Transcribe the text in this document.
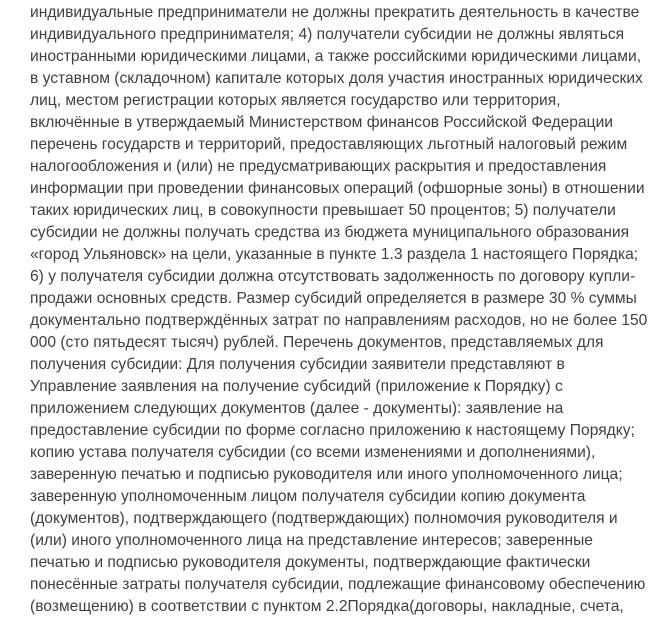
индивидуальные предприниматели не должны прекратить деятельность в качестве
индивидуального предпринимателя; 4) получатели субсидии не должны являться
иностранными юридическими лицами, а также российскими юридическими лицами,
в уставном (складочном) капитале которых доля участия иностранных юридических
лиц, местом регистрации которых является государство или территория,
включённые в утверждаемый Министерством финансов Российской Федерации
перечень государств и территорий, предоставляющих льготный налоговый режим
налогообложения и (или) не предусматривающих раскрытия и предоставления
информации при проведении финансовых операций (офшорные зоны) в отношении
таких юридических лиц, в совокупности превышает 50 процентов; 5) получатели
субсидии не должны получать средства из бюджета муниципального образования
«город Ульяновск» на цели, указанные в пункте 1.3 раздела 1 настоящего Порядка;
6) у получателя субсидии должна отсутствовать задолженность по договору купли-
продажи основных средств. Размер субсидий определяется в размере 30 % суммы
документально подтверждённых затрат по направлениям расходов, но не более 150
000 (сто пятьдесят тысяч) рублей. Перечень документов, представляемых для
получения субсидии: Для получения субсидии заявители представляют в
Управление заявления на получение субсидий (приложение к Порядку) с
приложением следующих документов (далее - документы): заявление на
предоставление субсидии по форме согласно приложению к настоящему Порядку;
копию устава получателя субсидии (со всеми изменениями и дополнениями),
заверенную печатью и подписью руководителя или иного уполномоченного лица;
заверенную уполномоченным лицом получателя субсидии копию документа
(документов), подтверждающего (подтверждающих) полномочия руководителя и
(или) иного уполномоченного лица на представление интересов; заверенные
печатью и подписью руководителя документы, подтверждающие фактически
понесённые затраты получателя субсидии, подлежащие финансовому обеспечению
(возмещению) в соответствии с пунктом 2.2Порядка(договоры, накладные, счета,
